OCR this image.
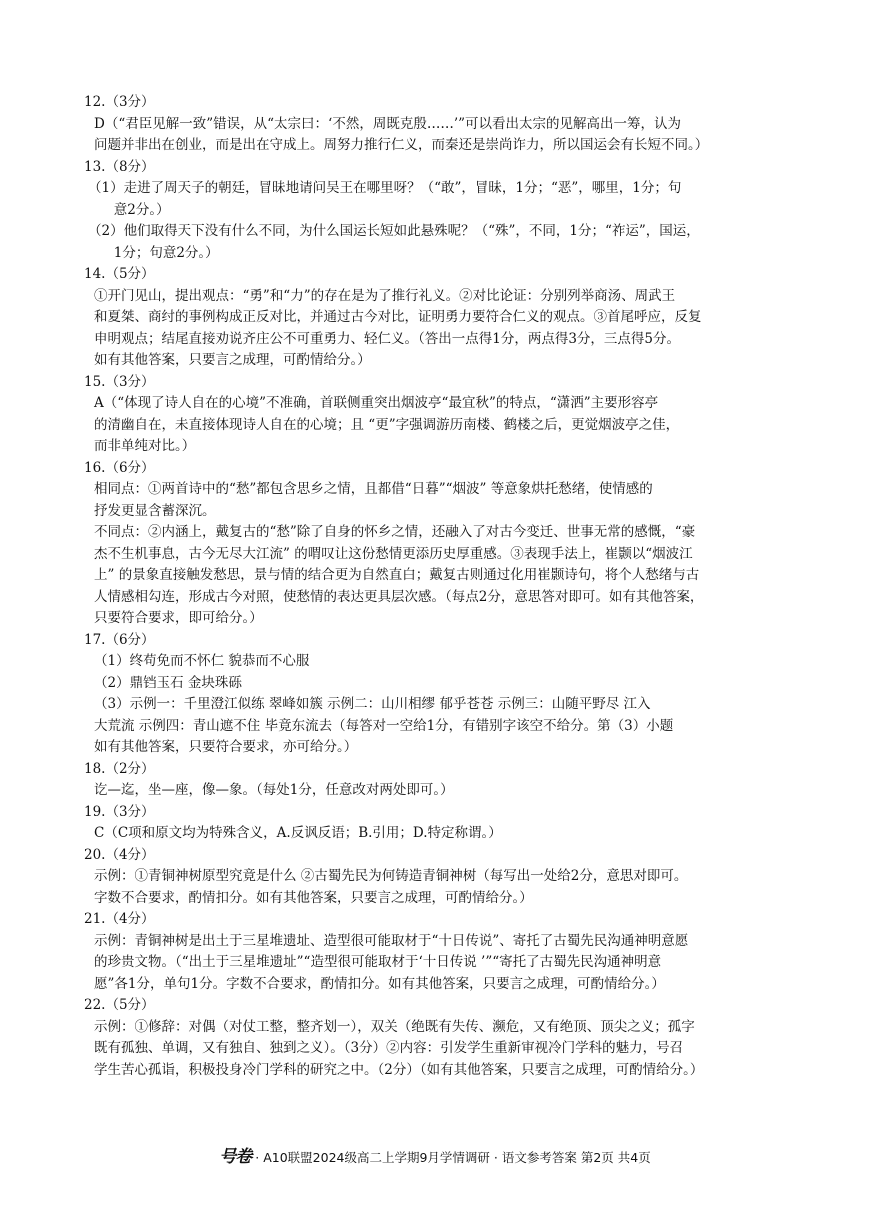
12.（3分）
D（“君臣见解一致”错误，从“太宗曰：‘不然，周既克殷……’”可以看出太宗的见解高出一筹，认为
问题并非出在创业，而是出在守成上。周努力推行仁义，而秦还是崇尚诈力，所以国运会有长短不同。）
13.（8分）
（1）走进了周天子的朝廷，冒昧地请问吴王在哪里呀？（“敢”，冒昧，1分；“恶”，哪里，1分；句
意2分。）
（2）他们取得天下没有什么不同，为什么国运长短如此悬殊呢？（“殊”，不同，1分；“祚运”，国运，
1分；句意2分。）
14.（5分）
①开门见山，提出观点：“勇”和“力”的存在是为了推行礼义。②对比论证：分别列举商汤、周武王
和夏桀、商纣的事例构成正反对比，并通过古今对比，证明勇力要符合仁义的观点。③首尾呼应，反复
申明观点；结尾直接劝说齐庄公不可重勇力、轻仁义。（答出一点得1分，两点得3分，三点得5分。
如有其他答案，只要言之成理，可酌情给分。）
15.（3分）
A（“体现了诗人自在的心境”不准确，首联侧重突出烟波亭“最宜秋”的特点，“潇洒”主要形容亭
的清幽自在，未直接体现诗人自在的心境；且 “更”字强调游历南楼、鹤楼之后，更觉烟波亭之佳，
而非单纯对比。）
16.（6分）
相同点：①两首诗中的“愁”都包含思乡之情，且都借“日暮”“烟波” 等意象烘托愁绪，使情感的
抒发更显含蓄深沉。
不同点：②内涵上，戴复古的“愁”除了自身的怀乡之情，还融入了对古今变迁、世事无常的感慨，“豪
杰不生机事息，古今无尽大江流” 的喟叹让这份愁情更添历史厚重感。③表现手法上，崔颢以“烟波江
上” 的景象直接触发愁思，景与情的结合更为自然直白；戴复古则通过化用崔颢诗句，将个人愁绪与古
人情感相勾连，形成古今对照，使愁情的表达更具层次感。（每点2分，意思答对即可。如有其他答案，
只要符合要求，即可给分。）
17.（6分）
（1）终苟免而不怀仁 貌恭而不心服
（2）鼎铛玉石 金块珠砾
（3）示例一：千里澄江似练 翠峰如簇 示例二：山川相缪 郁乎苍苍 示例三：山随平野尽 江入
大荒流 示例四：青山遮不住 毕竟东流去（每答对一空给1分，有错别字该空不给分。第（3）小题
如有其他答案，只要符合要求，亦可给分。）
18.（2分）
讫—迄，坐—座，像—象。（每处1分，任意改对两处即可。）
19.（3分）
C（C项和原文均为特殊含义，A.反讽反语；B.引用；D.特定称谓。）
20.（4分）
示例：①青铜神树原型究竟是什么 ②古蜀先民为何铸造青铜神树（每写出一处给2分，意思对即可。
字数不合要求，酌情扣分。如有其他答案，只要言之成理，可酌情给分。）
21.（4分）
示例：青铜神树是出土于三星堆遗址、造型很可能取材于“十日传说”、寄托了古蜀先民沟通神明意愿
的珍贵文物。（“出土于三星堆遗址”“造型很可能取材于‘十日传说 ’”“寄托了古蜀先民沟通神明意
愿”各1分，单句1分。字数不合要求，酌情扣分。如有其他答案，只要言之成理，可酌情给分。）
22.（5分）
示例：①修辞：对偶（对仗工整，整齐划一），双关（绝既有失传、濒危，又有绝顶、顶尖之义；孤字
既有孤独、单调，又有独自、独到之义）。（3分）②内容：引发学生重新审视冷门学科的魅力，号召
学生苦心孤诣，积极投身冷门学科的研究之中。（2分）（如有其他答案，只要言之成理，可酌情给分。）
号卷 · A10联盟2024级高二上学期9月学情调研 · 语文参考答案 第2页 共4页
